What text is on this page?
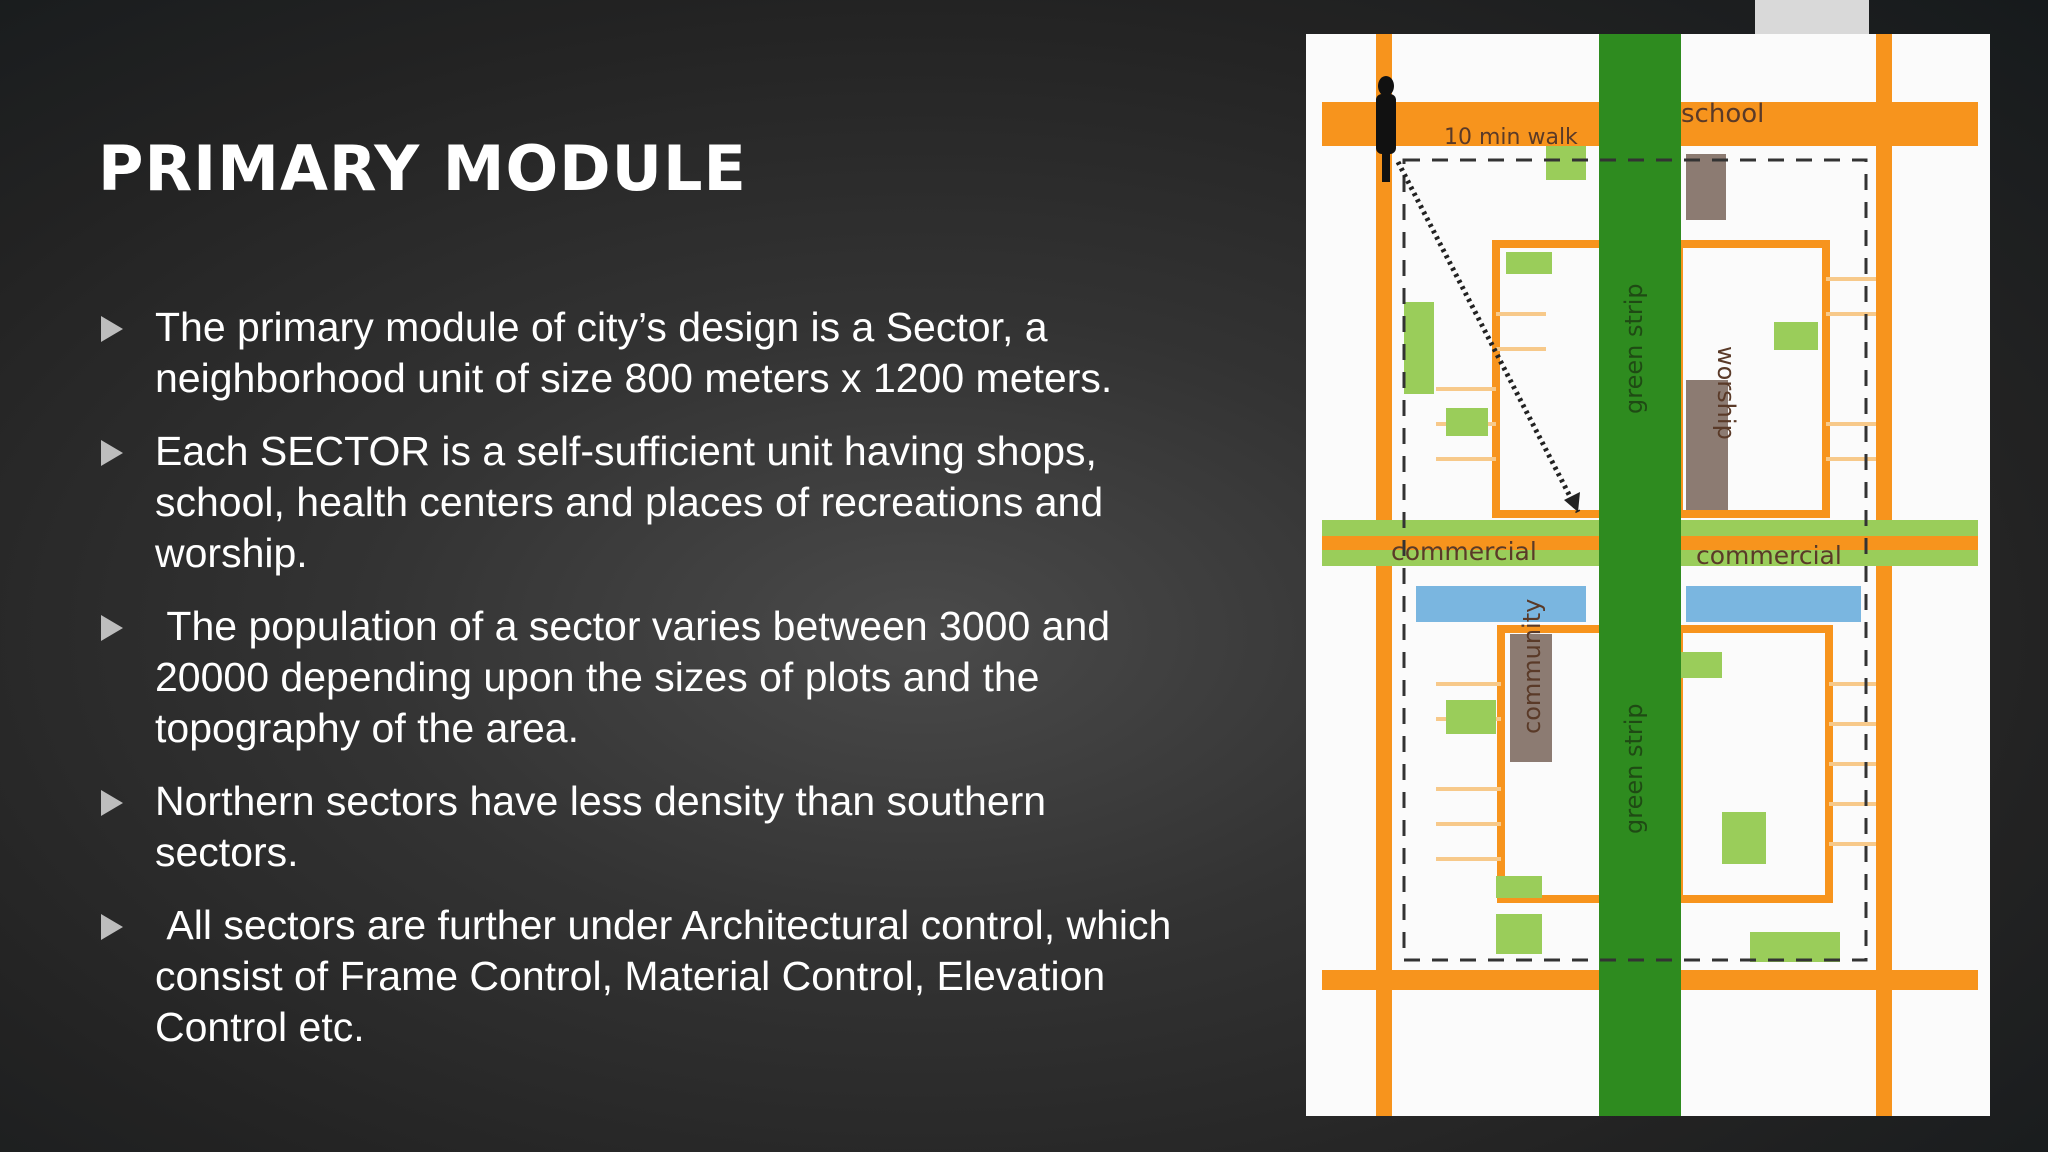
PRIMARY MODULE
The primary module of city’s design is a Sector, a neighborhood unit of size 800 meters x 1200 meters.
Each SECTOR is a self-sufficient unit having shops, school, health centers and places of recreations and worship.
The population of a sector varies between 3000 and 20000 depending upon the sizes of plots and the topography of the area.
Northern sectors have less density than southern sectors.
All sectors are further under Architectural control, which consist of Frame Control, Material Control, Elevation Control etc.
school
10 min walk
commercial	commercial
green strip
green strip
worship
community
